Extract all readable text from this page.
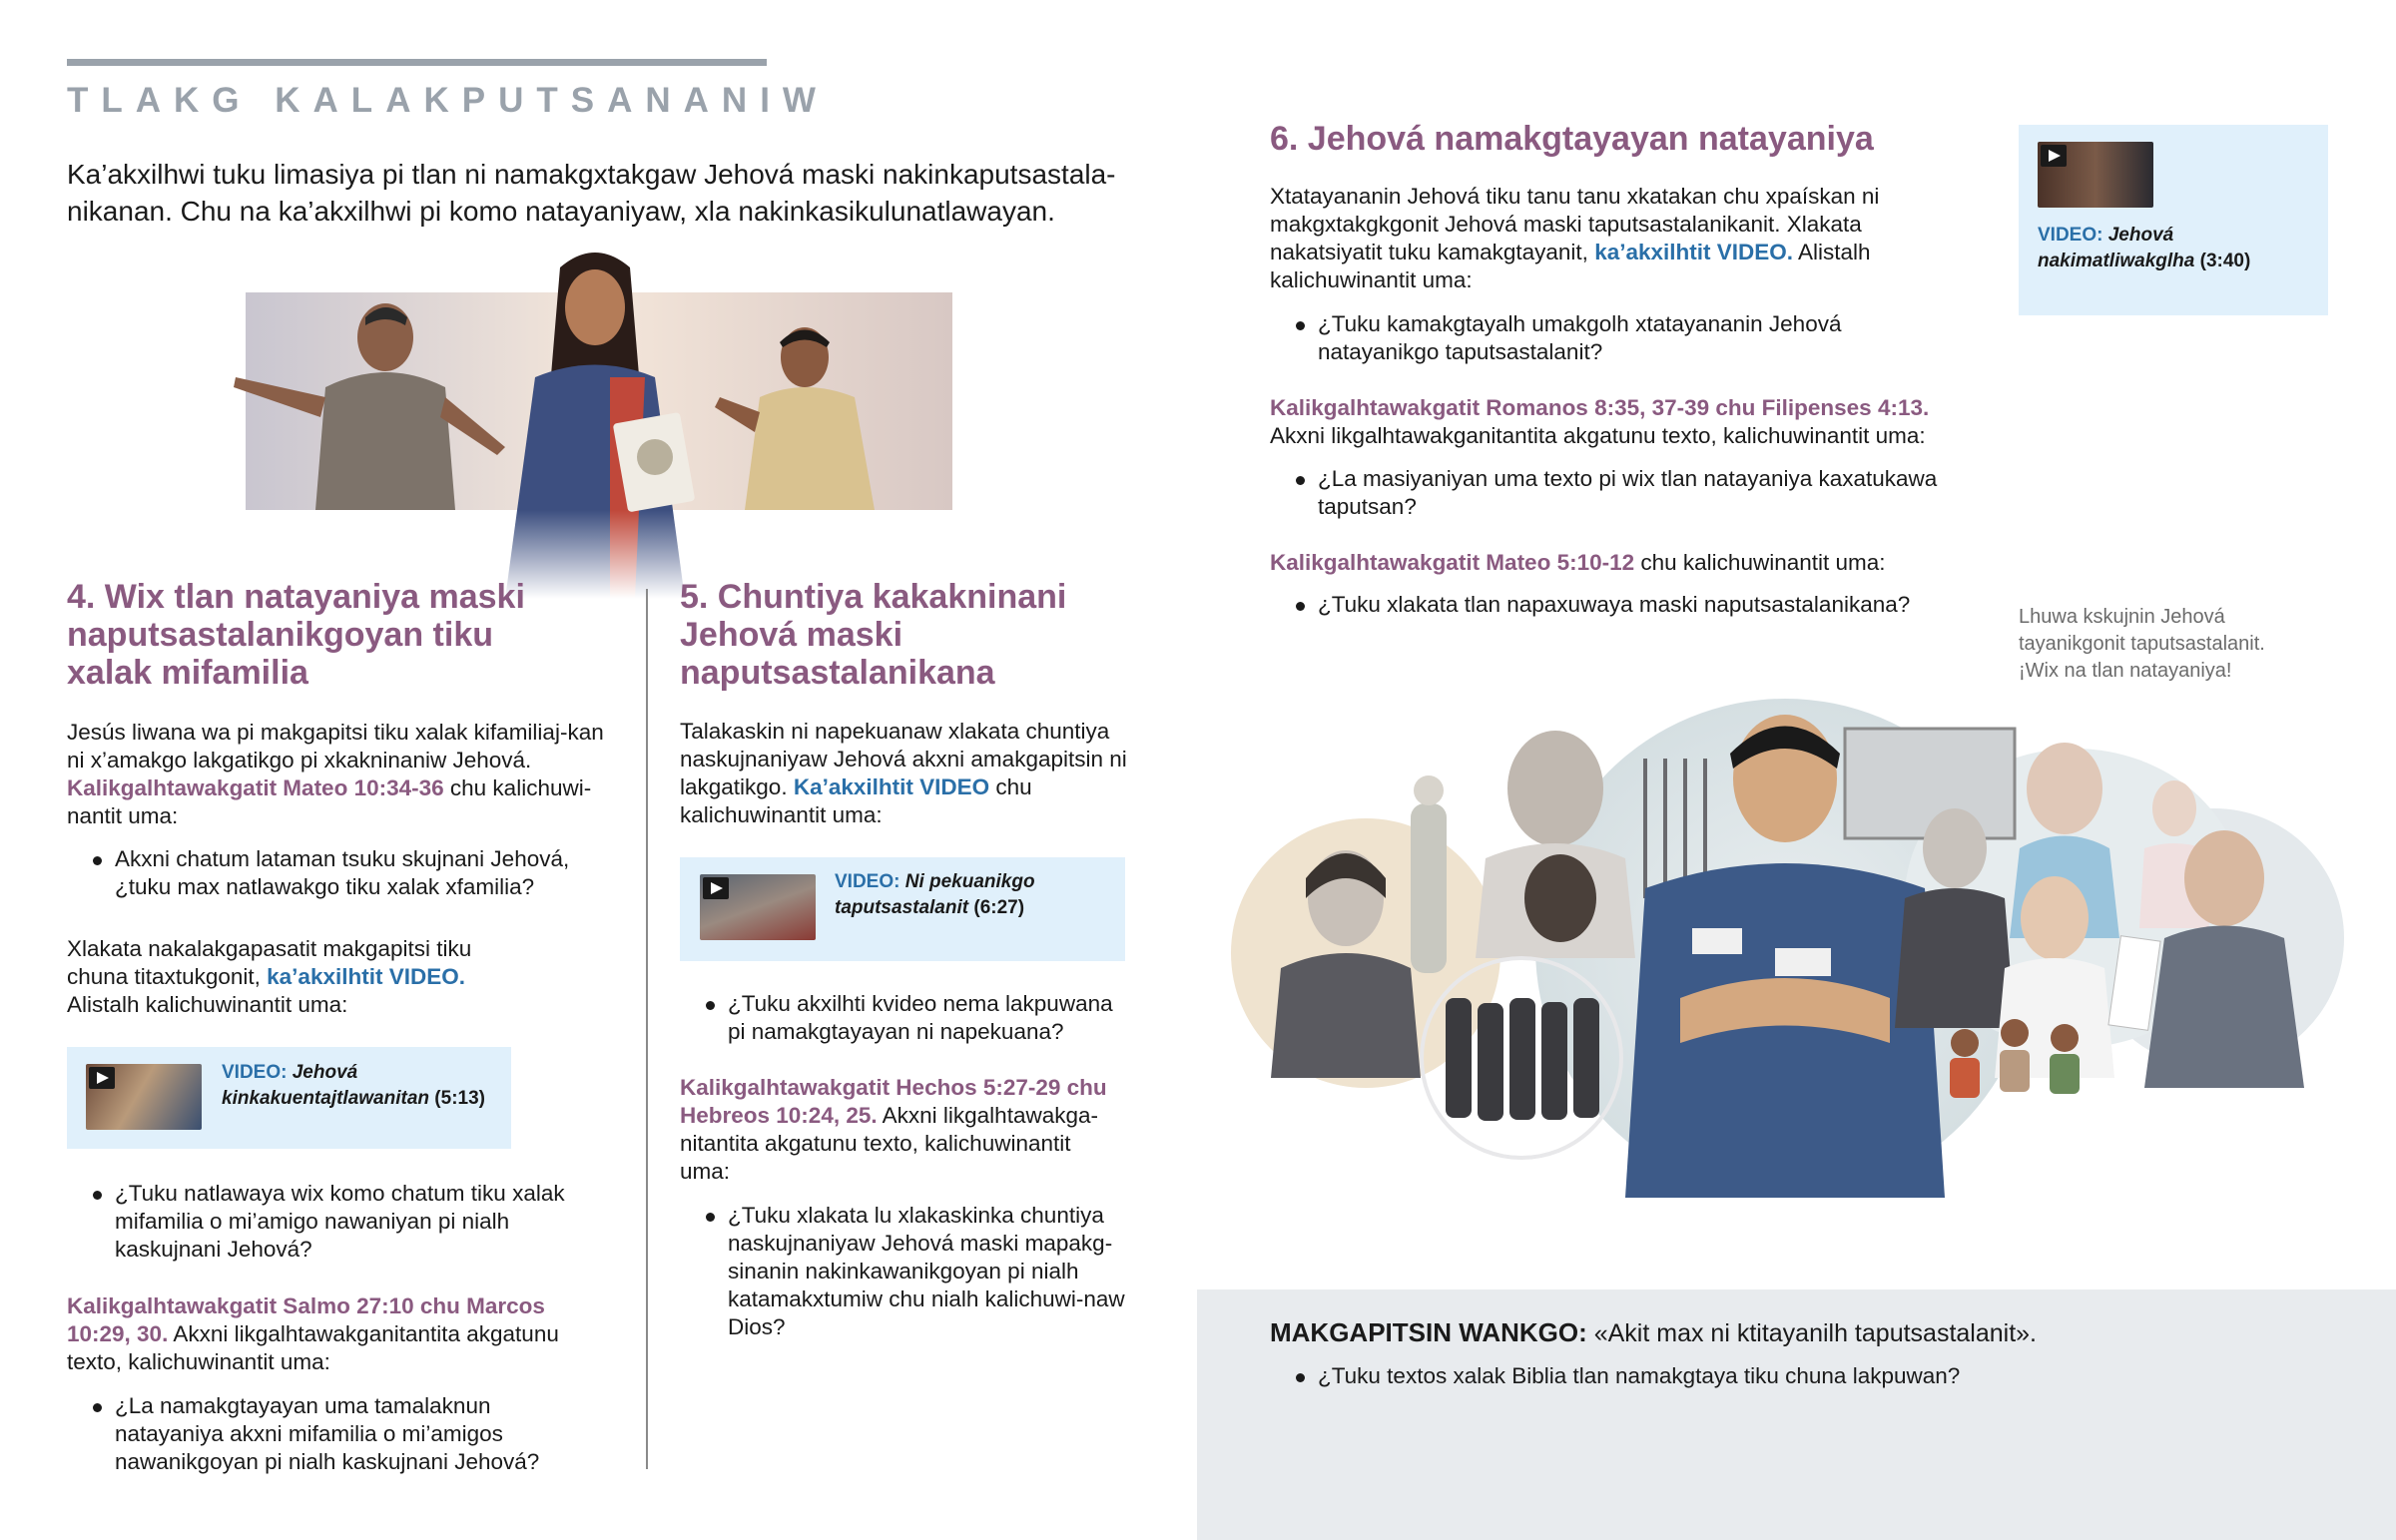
TLAKG KALAKPUTSANANIW
Ka’akxilhwi tuku limasiya pi tlan ni namakgxtakgaw Jehová maski nakinkaputsastala-nikanan. Chu na ka’akxilhwi pi komo natayaniyaw, xla nakinkasikulunatlawayan.
4. Wix tlan natayaniya maski naputsastalanikgoyan tiku xalak mifamilia
Jesús liwana wa pi makgapitsi tiku xalak kifamiliaj-kan ni x’amakgo lakgatikgo pi xkakninaniw Jehová. Kalikgalhtawakgatit Mateo 10:34-36 chu kalichuwi-nantit uma:
Akxni chatum lataman tsuku skujnani Jehová, ¿tuku max natlawakgo tiku xalak xfamilia?
Xlakata nakalakgapasatit makgapitsi tiku chuna titaxtukgonit, ka’akxilhtit VIDEO. Alistalh kalichuwinantit uma:
VIDEO: Jehová kinkakuentajtlawanitan (5:13)
¿Tuku natlawaya wix komo chatum tiku xalak mifamilia o mi’amigo nawaniyan pi nialh kaskujnani Jehová?
Kalikgalhtawakgatit Salmo 27:10 chu Marcos 10:29, 30. Akxni likgalhtawakganitantita akgatunu texto, kalichuwinantit uma:
¿La namakgtayayan uma tamalaknun natayaniya akxni mifamilia o mi’amigos nawanikgoyan pi nialh kaskujnani Jehová?
5. Chuntiya kakakninani Jehová maski naputsastalanikana
Talakaskin ni napekuanaw xlakata chuntiya naskujnaniyaw Jehová akxni amakgapitsin ni lakgatikgo. Ka’akxilhtit VIDEO chu kalichuwinantit uma:
VIDEO: Ni pekuanikgo taputsastalanit (6:27)
¿Tuku akxilhti kvideo nema lakpuwana pi namakgtayayan ni napekuana?
Kalikgalhtawakgatit Hechos 5:27-29 chu Hebreos 10:24, 25. Akxni likgalhtawakga-nitantita akgatunu texto, kalichuwinantit uma:
¿Tuku xlakata lu xlakaskinka chuntiya naskujnaniyaw Jehová maski mapakg-sinanin nakinkawanikgoyan pi nialh katamakxtumiw chu nialh kalichuwi-naw Dios?
6. Jehová namakgtayayan natayaniya
Xtatayananin Jehová tiku tanu tanu xkatakan chu xpaískan ni makgxtakgkgonit Jehová maski taputsastalanikanit. Xlakata nakatsiyatit tuku kamakgtayanit, ka’akxilhtit VIDEO. Alistalh kalichuwinantit uma:
¿Tuku kamakgtayalh umakgolh xtatayananin Jehová natayanikgo taputsastalanit?
Kalikgalhtawakgatit Romanos 8:35, 37-39 chu Filipenses 4:13. Akxni likgalhtawakganitantita akgatunu texto, kalichuwinantit uma:
¿La masiyaniyan uma texto pi wix tlan natayaniya kaxatukawa taputsan?
Kalikgalhtawakgatit Mateo 5:10-12 chu kalichuwinantit uma:
¿Tuku xlakata tlan napaxuwaya maski naputsastalanikana?
VIDEO: Jehová nakimatliwakglha (3:40)
Lhuwa kskujnin Jehová tayanikgonit taputsastalanit. ¡Wix na tlan natayaniya!
MAKGAPITSIN WANKGO: «Akit max ni ktitayanilh taputsastalanit».
¿Tuku textos xalak Biblia tlan namakgtaya tiku chuna lakpuwan?
